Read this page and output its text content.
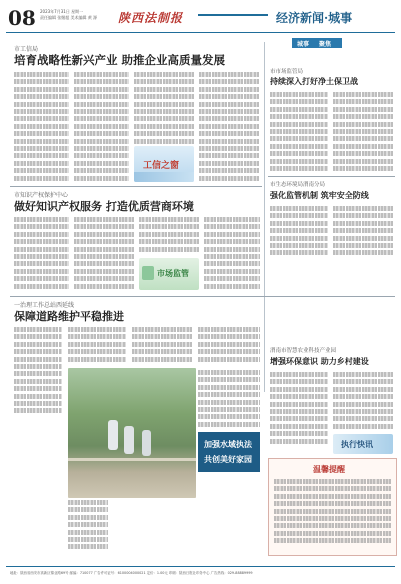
08 2023年7月31日 星期一
责任编辑 张继超 美术编辑 黄 源 陕西法制报	经济新闻·城事
市工信局
培育战略性新兴产业 助推企业高质量发展
工信之窗
城事 聚焦
市市场监管局
持续深入打好净土保卫战
市知识产权保护中心
做好知识产权服务 打造优质营商环境
市场监管
市生态环境局渭南分局
强化监管机制 筑牢安全防线
一治理工作总站西延线
保障道路维护平稳推进
加强水域执法
共创美好家园
渭南市智慧农业科技产业园
增强环保意识 助力乡村建设
执行快讯
温馨提醒
地址：陕西省西安市高新区锦业路69号 邮编：710077 广告许可证号：6100004000021 定价：1.00元 印刷：陕西日报社印务中心 广告热线：029-88889999
